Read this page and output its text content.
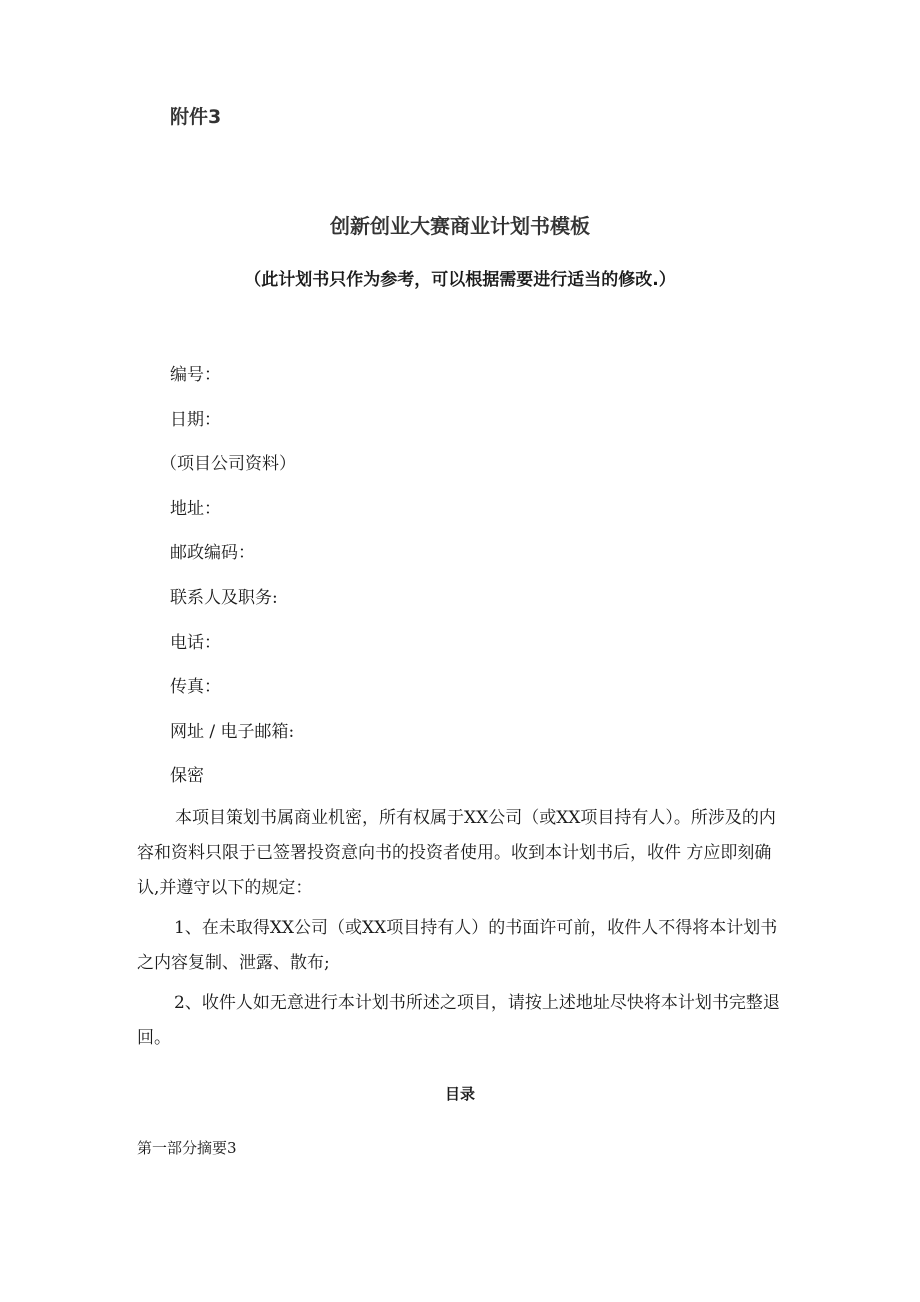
附件3
创新创业大赛商业计划书模板
（此计划书只作为参考，可以根据需要进行适当的修改.）
编号：
日期：
（项目公司资料）
地址：
邮政编码：
联系人及职务:
电话：
传真：
网址 / 电子邮箱:
保密

本项目策划书属商业机密，所有权属于XX公司（或XX项目持有人）。所涉及的内容和资料只限于已签署投资意向书的投资者使用。收到本计划书后，收件 方应即刻确认,并遵守以下的规定：

1、在未取得XX公司（或XX项目持有人）的书面许可前，收件人不得将本计划书之内容复制、泄露、散布;

2、收件人如无意进行本计划书所述之项目，请按上述地址尽快将本计划书完整退回。

目录
第一部分摘要3
